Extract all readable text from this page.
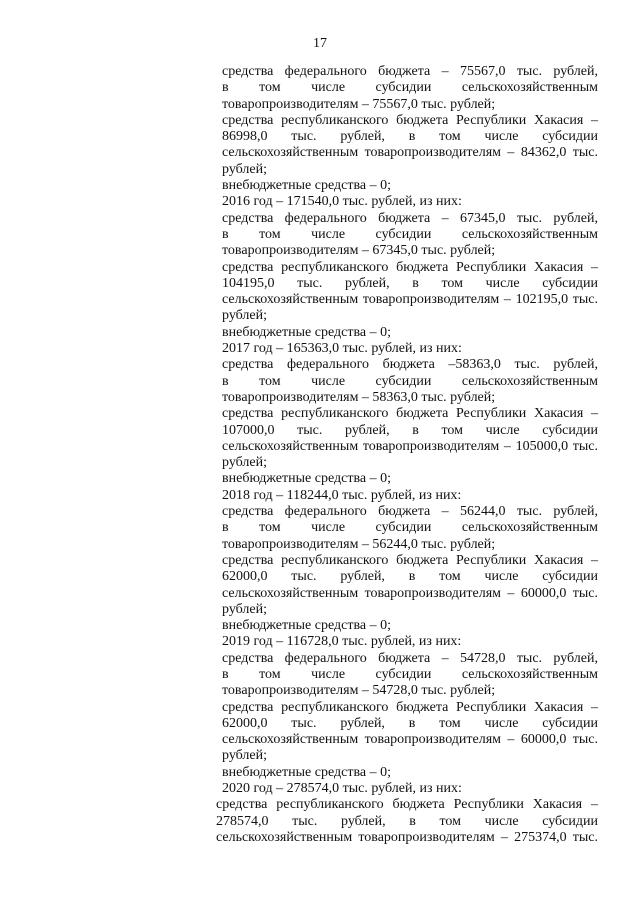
17
средства федерального бюджета – 75567,0 тыс. рублей,
в том числе субсидии сельскохозяйственным
товаропроизводителям – 75567,0 тыс. рублей;
средства республиканского бюджета Республики Хакасия –
86998,0 тыс. рублей, в том числе субсидии
сельскохозяйственным товаропроизводителям – 84362,0 тыс.
рублей;
внебюджетные средства – 0;
2016 год – 171540,0 тыс. рублей, из них:
средства федерального бюджета – 67345,0 тыс. рублей,
в том числе субсидии сельскохозяйственным
товаропроизводителям – 67345,0 тыс. рублей;
средства республиканского бюджета Республики Хакасия –
104195,0 тыс. рублей, в том числе субсидии
сельскохозяйственным товаропроизводителям – 102195,0 тыс.
рублей;
внебюджетные средства – 0;
2017 год – 165363,0 тыс. рублей, из них:
средства федерального бюджета –58363,0 тыс. рублей,
в том числе субсидии сельскохозяйственным
товаропроизводителям – 58363,0 тыс. рублей;
средства республиканского бюджета Республики Хакасия –
107000,0 тыс. рублей, в том числе субсидии
сельскохозяйственным товаропроизводителям – 105000,0 тыс.
рублей;
внебюджетные средства – 0;
2018 год – 118244,0 тыс. рублей, из них:
средства федерального бюджета – 56244,0 тыс. рублей,
в том числе субсидии сельскохозяйственным
товаропроизводителям – 56244,0 тыс. рублей;
средства республиканского бюджета Республики Хакасия –
62000,0 тыс. рублей, в том числе субсидии
сельскохозяйственным товаропроизводителям – 60000,0 тыс.
рублей;
внебюджетные средства – 0;
2019 год – 116728,0 тыс. рублей, из них:
средства федерального бюджета – 54728,0 тыс. рублей,
в том числе субсидии сельскохозяйственным
товаропроизводителям – 54728,0 тыс. рублей;
средства республиканского бюджета Республики Хакасия –
62000,0 тыс. рублей, в том числе субсидии
сельскохозяйственным товаропроизводителям – 60000,0 тыс.
рублей;
внебюджетные средства – 0;
2020 год – 278574,0 тыс. рублей, из них:
средства республиканского бюджета Республики Хакасия –
278574,0 тыс. рублей, в том числе субсидии
сельскохозяйственным товаропроизводителям – 275374,0 тыс.
